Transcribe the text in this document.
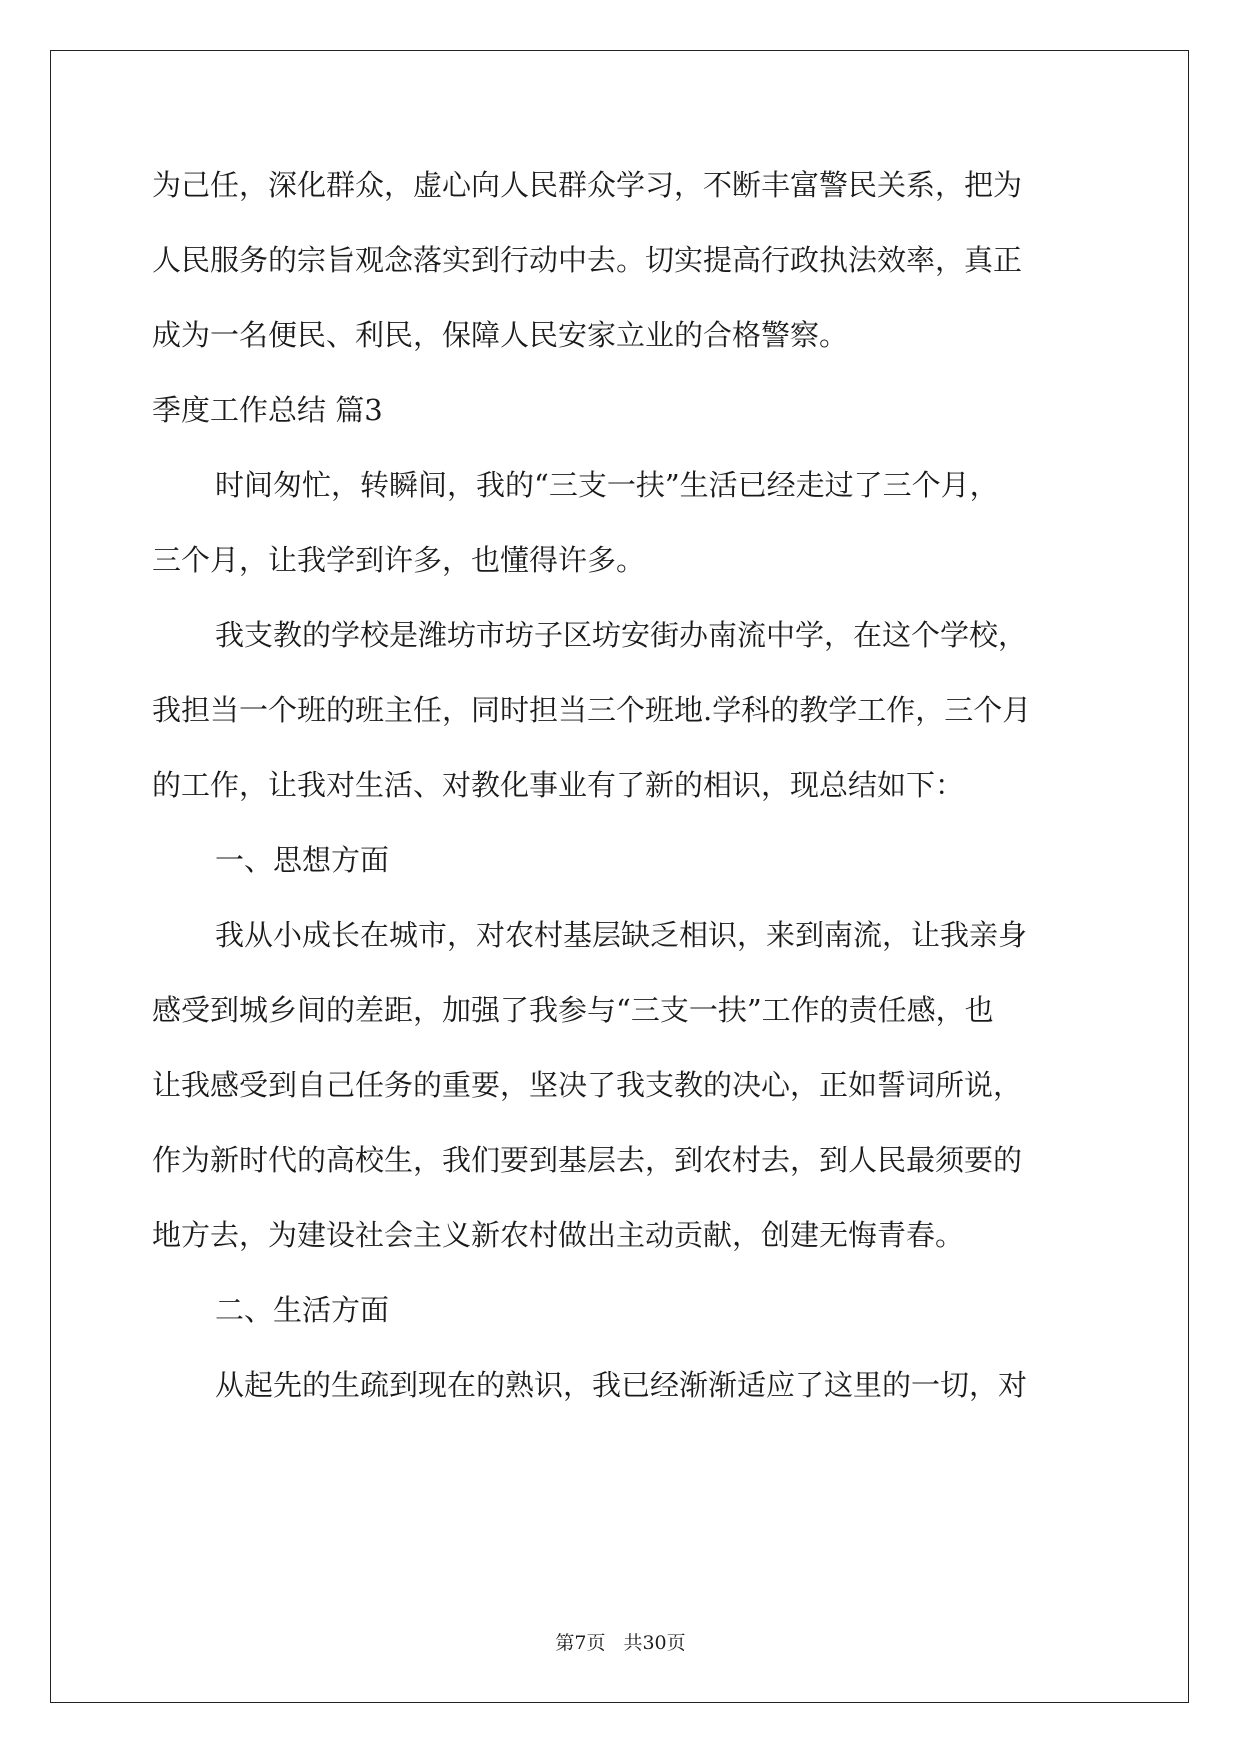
为己任，深化群众，虚心向人民群众学习，不断丰富警民关系，把为
人民服务的宗旨观念落实到行动中去。切实提高行政执法效率，真正
成为一名便民、利民，保障人民安家立业的合格警察。
季度工作总结 篇3
时间匆忙，转瞬间，我的“三支一扶”生活已经走过了三个月，
三个月，让我学到许多，也懂得许多。
我支教的学校是潍坊市坊子区坊安街办南流中学，在这个学校，
我担当一个班的班主任，同时担当三个班地.学科的教学工作，三个月
的工作，让我对生活、对教化事业有了新的相识，现总结如下：
一、思想方面
我从小成长在城市，对农村基层缺乏相识，来到南流，让我亲身
感受到城乡间的差距，加强了我参与“三支一扶”工作的责任感，也
让我感受到自己任务的重要，坚决了我支教的决心，正如誓词所说，
作为新时代的高校生，我们要到基层去，到农村去，到人民最须要的
地方去，为建设社会主义新农村做出主动贡献，创建无悔青春。
二、生活方面
从起先的生疏到现在的熟识，我已经渐渐适应了这里的一切，对
第7页 共30页
